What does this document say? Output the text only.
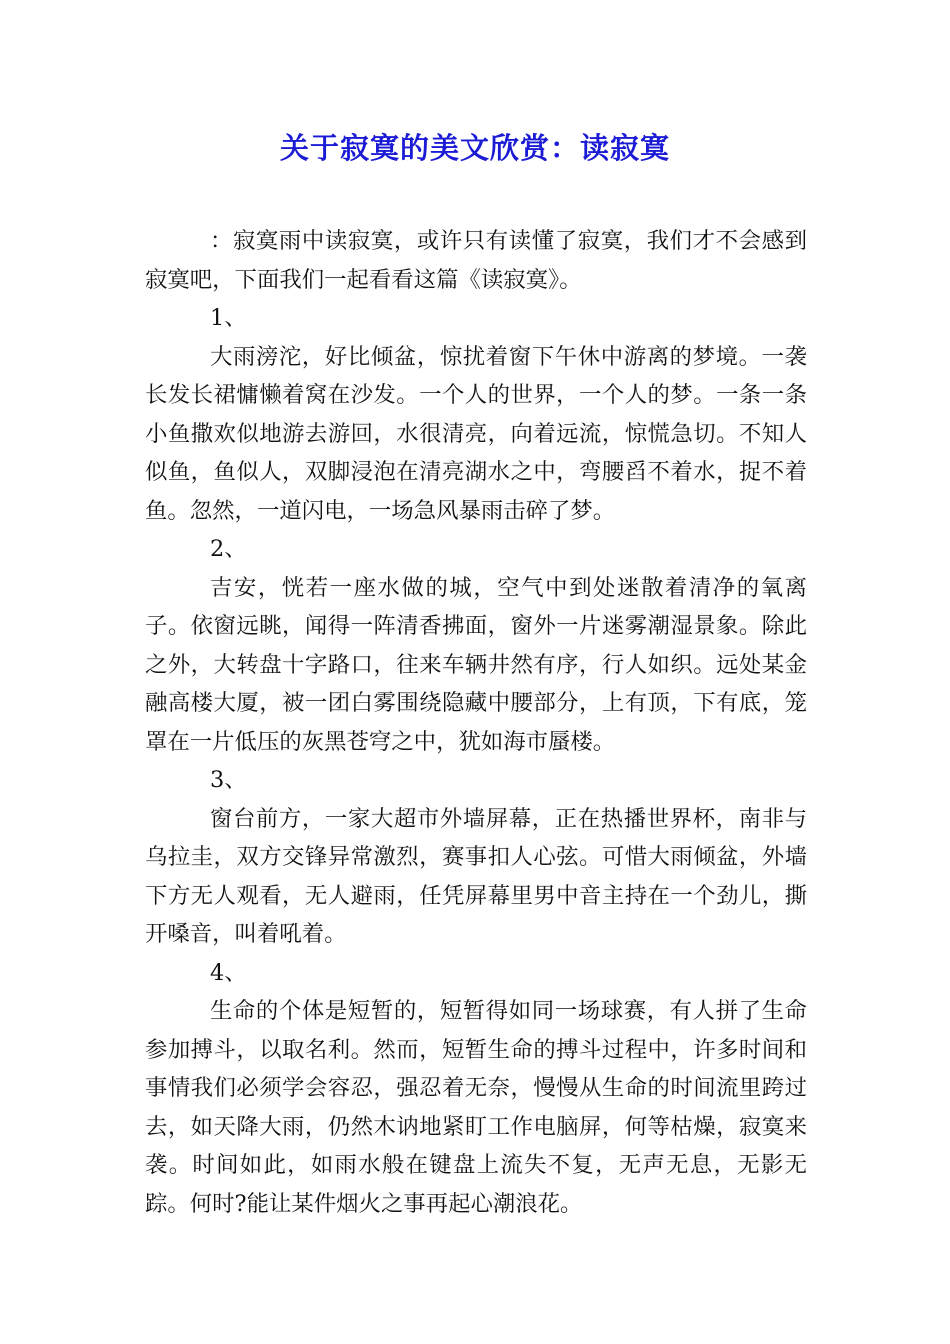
关于寂寞的美文欣赏：读寂寞

：寂寞雨中读寂寞，或许只有读懂了寂寞，我们才不会感到寂寞吧，下面我们一起看看这篇《读寂寞》。

1、

大雨滂沱，好比倾盆，惊扰着窗下午休中游离的梦境。一袭长发长裙慵懒着窝在沙发。一个人的世界，一个人的梦。一条一条小鱼撒欢似地游去游回，水很清亮，向着远流，惊慌急切。不知人似鱼，鱼似人，双脚浸泡在清亮湖水之中，弯腰舀不着水，捉不着鱼。忽然，一道闪电，一场急风暴雨击碎了梦。

2、

吉安，恍若一座水做的城，空气中到处迷散着清净的氧离子。依窗远眺，闻得一阵清香拂面，窗外一片迷雾潮湿景象。除此之外，大转盘十字路口，往来车辆井然有序，行人如织。远处某金融高楼大厦，被一团白雾围绕隐藏中腰部分，上有顶，下有底，笼罩在一片低压的灰黑苍穹之中，犹如海市蜃楼。

3、

窗台前方，一家大超市外墙屏幕，正在热播世界杯，南非与乌拉圭，双方交锋异常激烈，赛事扣人心弦。可惜大雨倾盆，外墙下方无人观看，无人避雨，任凭屏幕里男中音主持在一个劲儿，撕开嗓音，叫着吼着。

4、

生命的个体是短暂的，短暂得如同一场球赛，有人拼了生命参加搏斗，以取名利。然而，短暂生命的搏斗过程中，许多时间和事情我们必须学会容忍，强忍着无奈，慢慢从生命的时间流里跨过去，如天降大雨，仍然木讷地紧盯工作电脑屏，何等枯燥，寂寞来袭。时间如此，如雨水般在键盘上流失不复，无声无息，无影无踪。何时?能让某件烟火之事再起心潮浪花。
